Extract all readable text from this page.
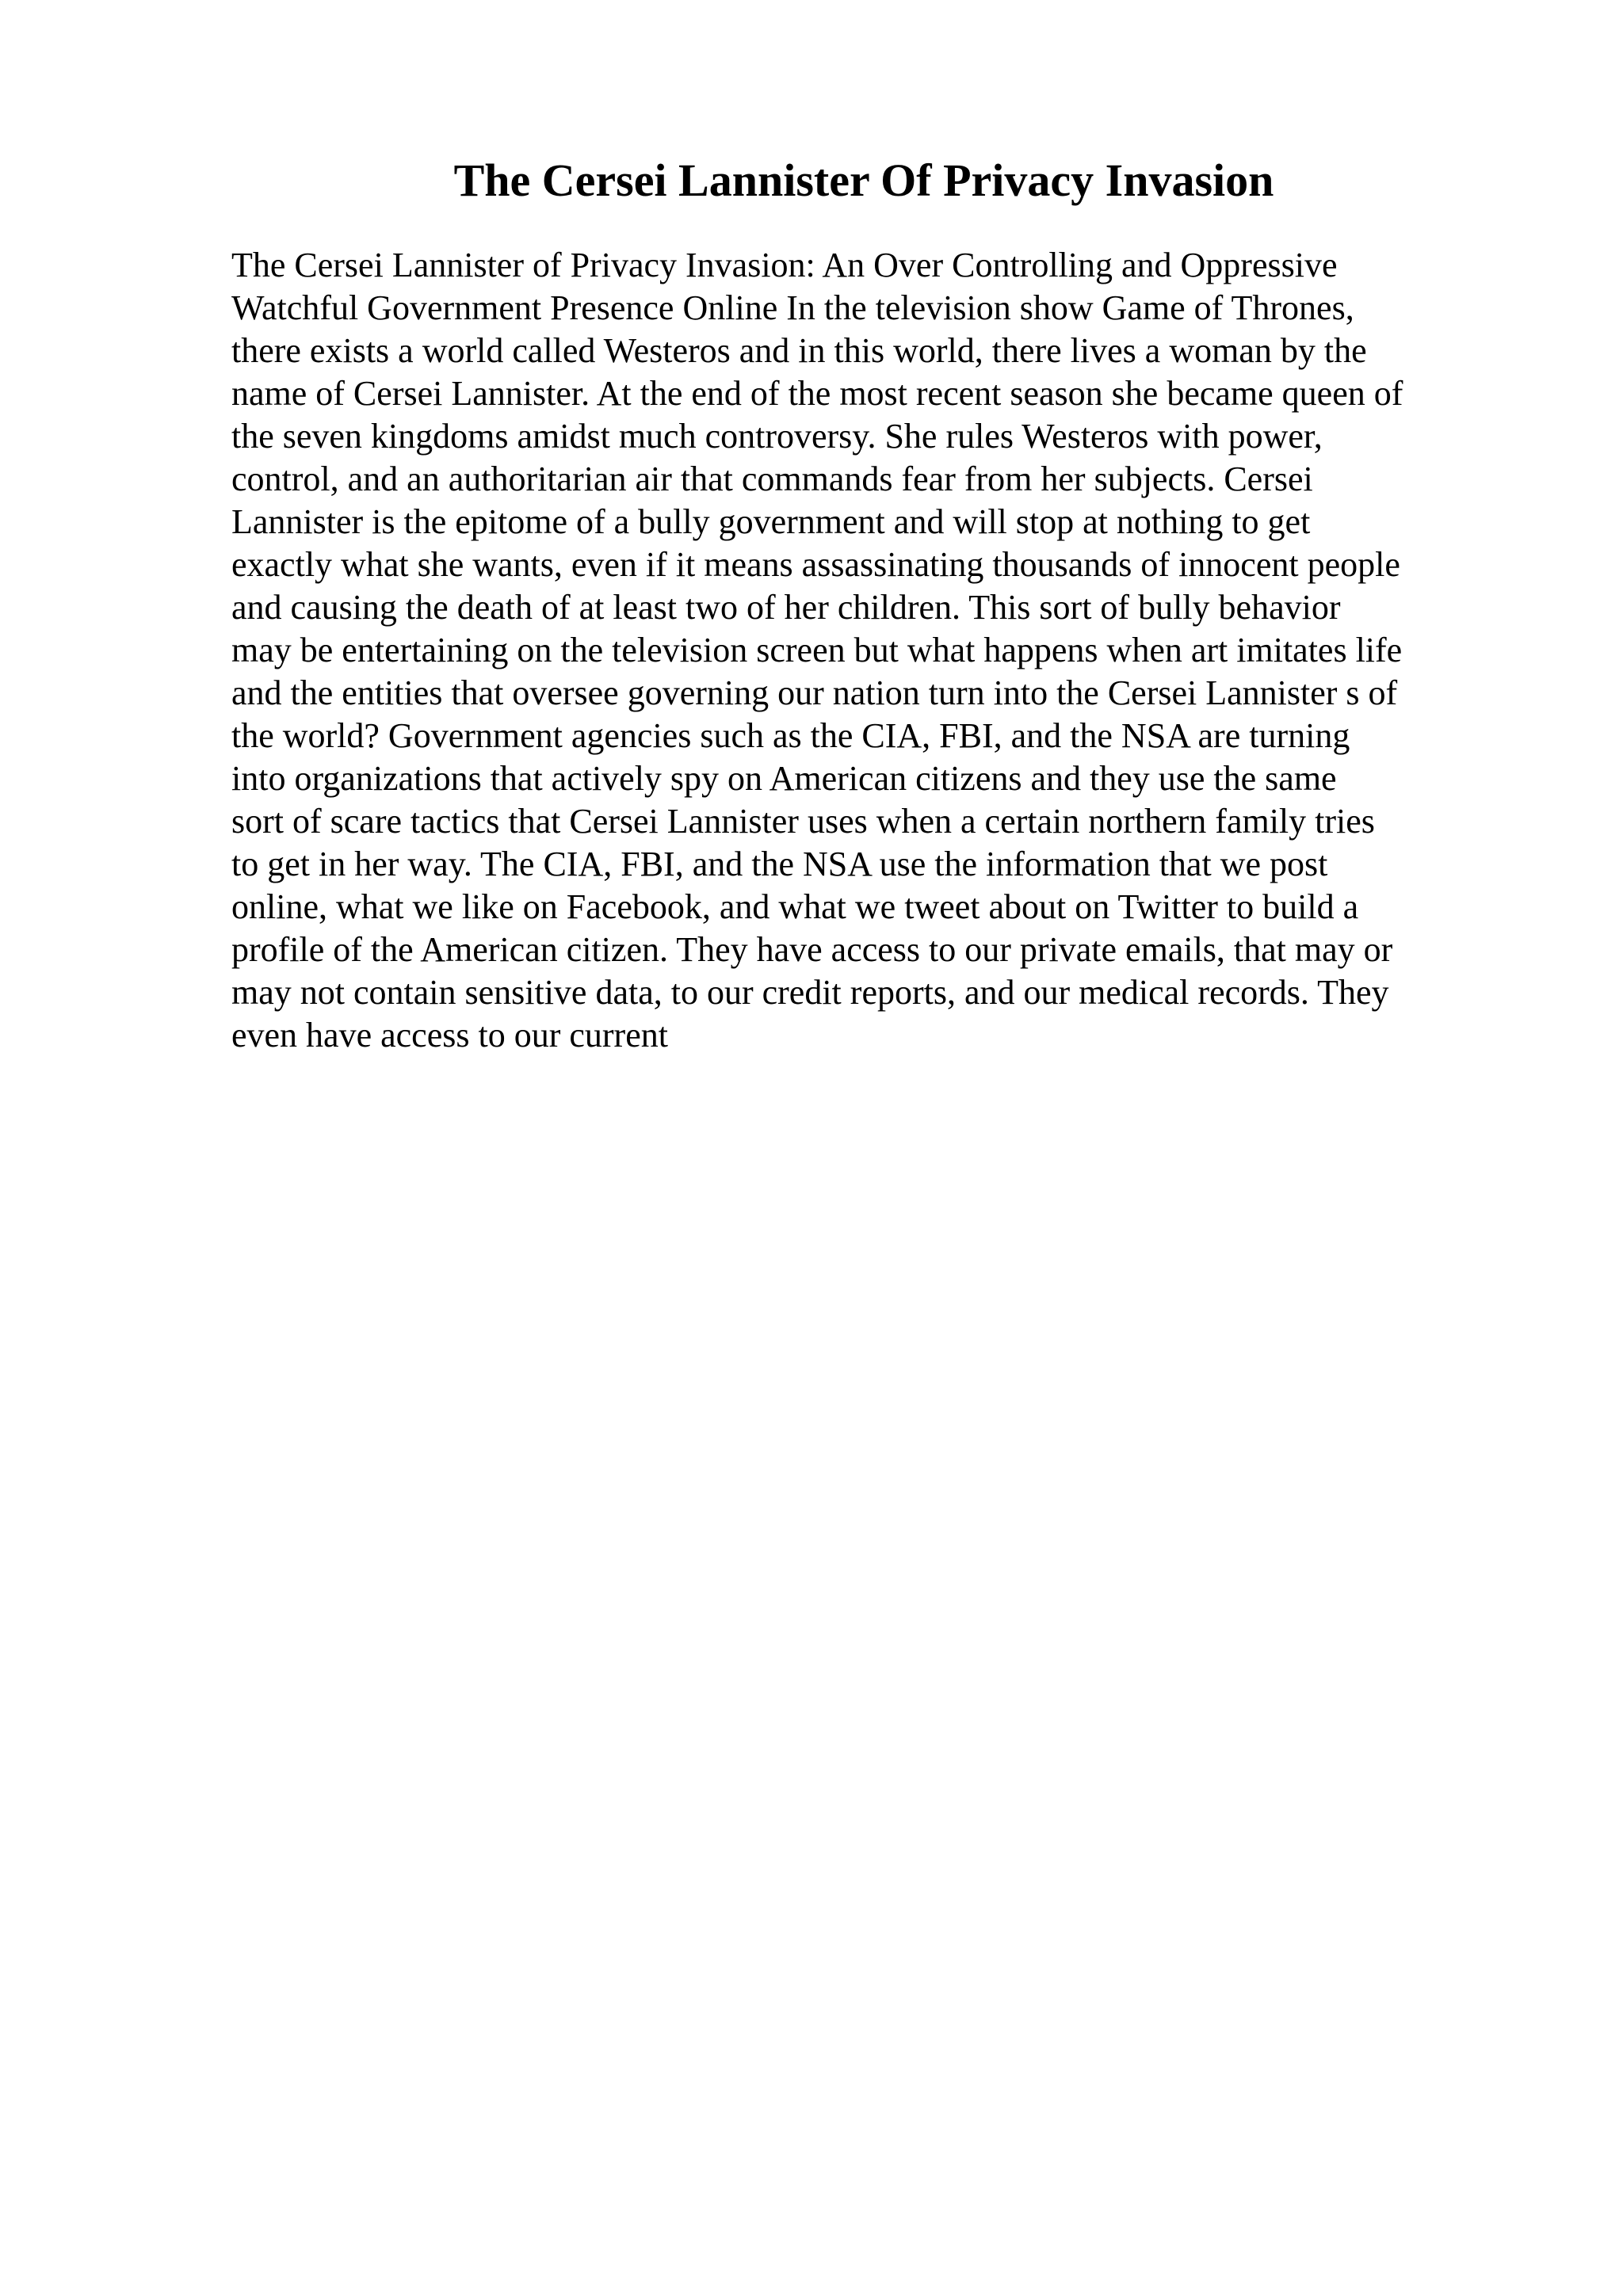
The Cersei Lannister Of Privacy Invasion
The Cersei Lannister of Privacy Invasion: An Over Controlling and Oppressive
Watchful Government Presence Online In the television show Game of Thrones,
there exists a world called Westeros and in this world, there lives a woman by the
name of Cersei Lannister. At the end of the most recent season she became queen of
the seven kingdoms amidst much controversy. She rules Westeros with power,
control, and an authoritarian air that commands fear from her subjects. Cersei
Lannister is the epitome of a bully government and will stop at nothing to get
exactly what she wants, even if it means assassinating thousands of innocent people
and causing the death of at least two of her children. This sort of bully behavior
may be entertaining on the television screen but what happens when art imitates life
and the entities that oversee governing our nation turn into the Cersei Lannister s of
the world? Government agencies such as the CIA, FBI, and the NSA are turning
into organizations that actively spy on American citizens and they use the same
sort of scare tactics that Cersei Lannister uses when a certain northern family tries
to get in her way. The CIA, FBI, and the NSA use the information that we post
online, what we like on Facebook, and what we tweet about on Twitter to build a
profile of the American citizen. They have access to our private emails, that may or
may not contain sensitive data, to our credit reports, and our medical records. They
even have access to our current
